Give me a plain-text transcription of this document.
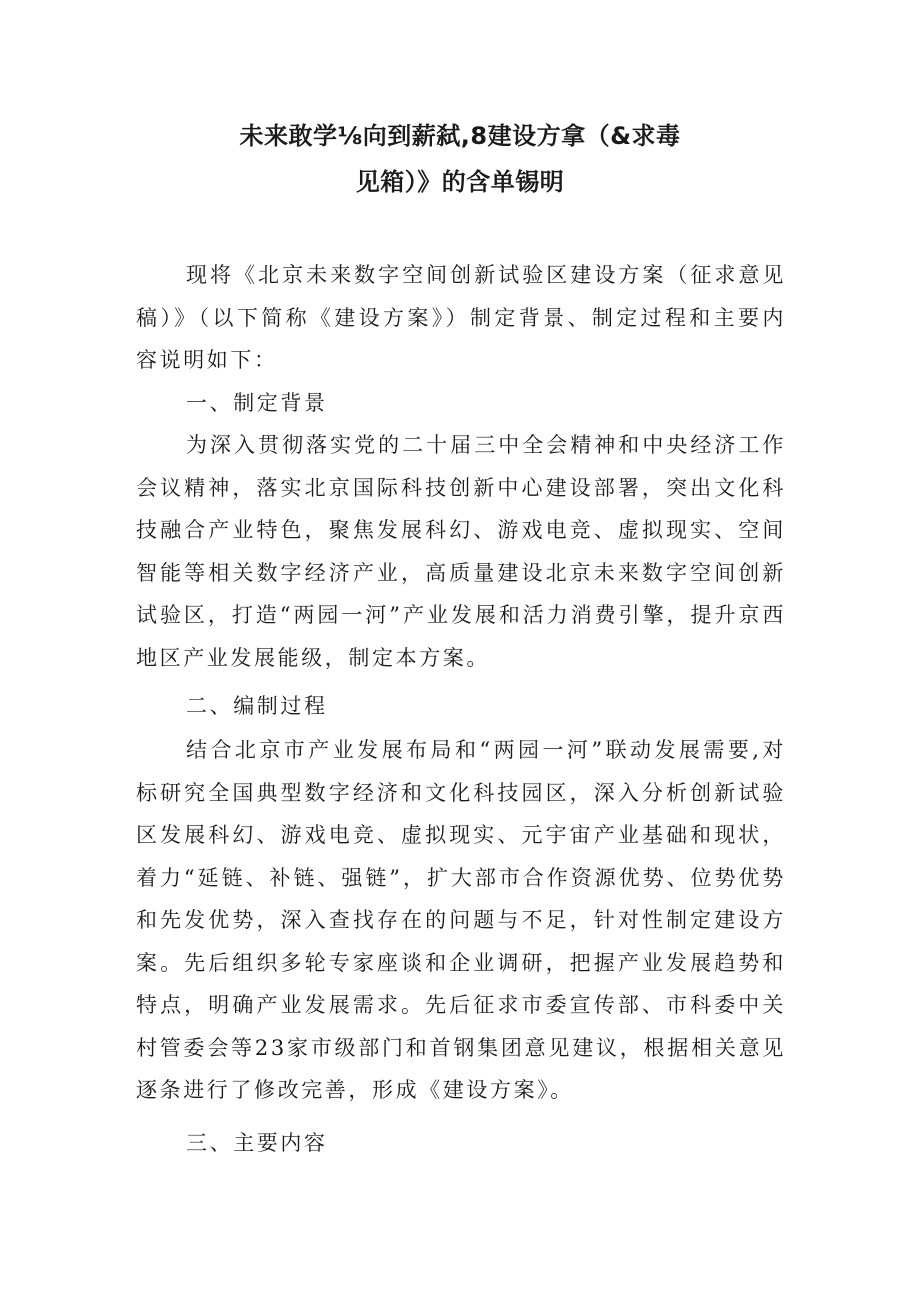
未来敢学⅛向到薪弑,8建设方拿（&求毒
见箱）》的含单锡明

现将《北京未来数字空间创新试验区建设方案（征求意见稿）》（以下简称《建设方案》）制定背景、制定过程和主要内容说明如下：

一、制定背景

为深入贯彻落实党的二十届三中全会精神和中央经济工作会议精神，落实北京国际科技创新中心建设部署，突出文化科技融合产业特色，聚焦发展科幻、游戏电竞、虚拟现实、空间智能等相关数字经济产业，高质量建设北京未来数字空间创新试验区，打造“两园一河”产业发展和活力消费引擎，提升京西地区产业发展能级，制定本方案。

二、编制过程

结合北京市产业发展布局和“两园一河”联动发展需要,对标研究全国典型数字经济和文化科技园区，深入分析创新试验区发展科幻、游戏电竞、虚拟现实、元宇宙产业基础和现状，着力“延链、补链、强链”，扩大部市合作资源优势、位势优势和先发优势，深入查找存在的问题与不足，针对性制定建设方案。先后组织多轮专家座谈和企业调研，把握产业发展趋势和特点，明确产业发展需求。先后征求市委宣传部、市科委中关村管委会等23家市级部门和首钢集团意见建议，根据相关意见逐条进行了修改完善，形成《建设方案》。

三、主要内容
